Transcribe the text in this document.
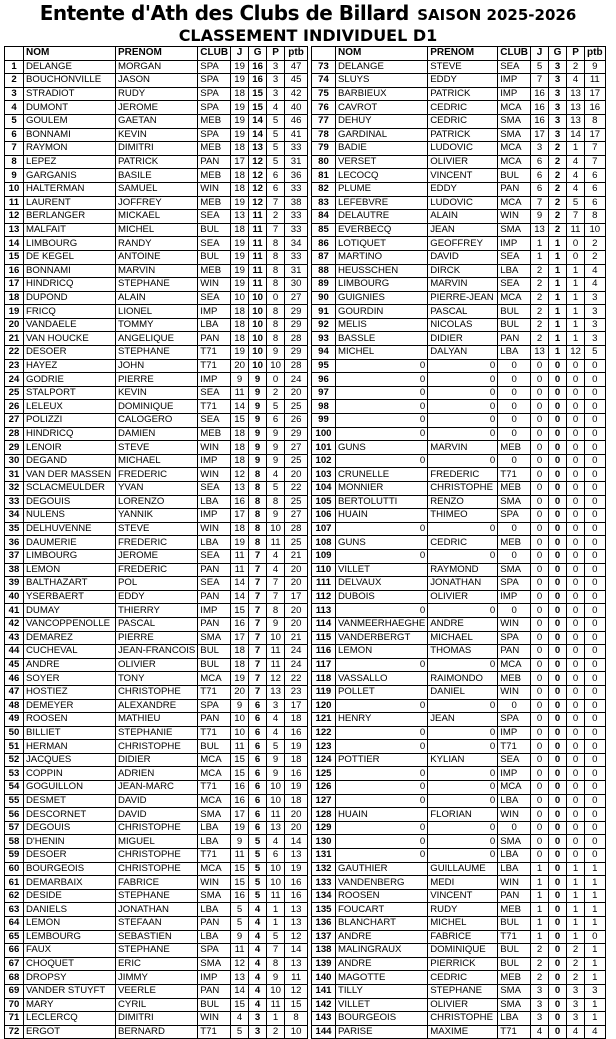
Entente d'Ath des Clubs de Billard SAISON 2025-2026
CLASSEMENT INDIVIDUEL D1
	NOM	PRENOM	CLUB	J	G	P	ptb
1	DELANGE	MORGAN	SPA	19	16	3	47
2	BOUCHONVILLE	JASON	SPA	19	16	3	45
3	STRADIOT	RUDY	SPA	18	15	3	42
4	DUMONT	JEROME	SPA	19	15	4	40
5	GOULEM	GAETAN	MEB	19	14	5	46
6	BONNAMI	KEVIN	SPA	19	14	5	41
7	RAYMON	DIMITRI	MEB	18	13	5	33
8	LEPEZ	PATRICK	PAN	17	12	5	31
9	GARGANIS	BASILE	MEB	18	12	6	36
10	HALTERMAN	SAMUEL	WIN	18	12	6	33
11	LAURENT	JOFFREY	MEB	19	12	7	38
12	BERLANGER	MICKAEL	SEA	13	11	2	33
13	MALFAIT	MICHEL	BUL	18	11	7	33
14	LIMBOURG	RANDY	SEA	19	11	8	34
15	DE KEGEL	ANTOINE	BUL	19	11	8	33
16	BONNAMI	MARVIN	MEB	19	11	8	31
17	HINDRICQ	STEPHANE	WIN	19	11	8	30
18	DUPOND	ALAIN	SEA	10	10	0	27
19	FRICQ	LIONEL	IMP	18	10	8	29
20	VANDAELE	TOMMY	LBA	18	10	8	29
21	VAN HOUCKE	ANGELIQUE	PAN	18	10	8	28
22	DESOER	STEPHANE	T71	19	10	9	29
23	HAYEZ	JOHN	T71	20	10	10	28
24	GODRIE	PIERRE	IMP	9	9	0	24
25	STALPORT	KEVIN	SEA	11	9	2	20
26	LELEUX	DOMINIQUE	T71	14	9	5	25
27	POLIZZI	CALOGERO	SEA	15	9	6	26
28	HINDRICQ	DAMIEN	MEB	18	9	9	29
29	LENOIR	STEVE	WIN	18	9	9	27
30	DEGAND	MICHAEL	IMP	18	9	9	25
31	VAN DER MASSEN	FREDERIC	WIN	12	8	4	20
32	SCLACMEULDER	YVAN	SEA	13	8	5	22
33	DEGOUIS	LORENZO	LBA	16	8	8	25
34	NULENS	YANNIK	IMP	17	8	9	27
35	DELHUVENNE	STEVE	WIN	18	8	10	28
36	DAUMERIE	FREDERIC	LBA	19	8	11	25
37	LIMBOURG	JEROME	SEA	11	7	4	21
38	LEMON	FREDERIC	PAN	11	7	4	20
39	BALTHAZART	POL	SEA	14	7	7	20
40	YSERBAERT	EDDY	PAN	14	7	7	17
41	DUMAY	THIERRY	IMP	15	7	8	20
42	VANCOPPENOLLE	PASCAL	PAN	16	7	9	20
43	DEMAREZ	PIERRE	SMA	17	7	10	21
44	CUCHEVAL	JEAN-FRANCOIS	BUL	18	7	11	24
45	ANDRE	OLIVIER	BUL	18	7	11	24
46	SOYER	TONY	MCA	19	7	12	22
47	HOSTIEZ	CHRISTOPHE	T71	20	7	13	23
48	DEMEYER	ALEXANDRE	SPA	9	6	3	17
49	ROOSEN	MATHIEU	PAN	10	6	4	18
50	BILLIET	STEPHANIE	T71	10	6	4	16
51	HERMAN	CHRISTOPHE	BUL	11	6	5	19
52	JACQUES	DIDIER	MCA	15	6	9	18
53	COPPIN	ADRIEN	MCA	15	6	9	16
54	GOGUILLON	JEAN-MARC	T71	16	6	10	19
55	DESMET	DAVID	MCA	16	6	10	18
56	DESCORNET	DAVID	SMA	17	6	11	20
57	DEGOUIS	CHRISTOPHE	LBA	19	6	13	20
58	D'HENIN	MIGUEL	LBA	9	5	4	14
59	DESOER	CHRISTOPHE	T71	11	5	6	13
60	BOURGEOIS	CHRISTOPHE	MCA	15	5	10	19
61	DEMARBAIX	FABRICE	WIN	15	5	10	16
62	DESIDE	STEPHANE	SMA	16	5	11	16
63	DANIELS	JONATHAN	LBA	5	4	1	13
64	LEMON	STEFAAN	PAN	5	4	1	13
65	LEMBOURG	SEBASTIEN	LBA	9	4	5	12
66	FAUX	STEPHANE	SPA	11	4	7	14
67	CHOQUET	ERIC	SMA	12	4	8	13
68	DROPSY	JIMMY	IMP	13	4	9	11
69	VANDER STUYFT	VEERLE	PAN	14	4	10	12
70	MARY	CYRIL	BUL	15	4	11	15
71	LECLERCQ	DIMITRI	WIN	4	3	1	8
72	ERGOT	BERNARD	T71	5	3	2	10
	NOM	PRENOM	CLUB	J	G	P	ptb
73	DELANGE	STEVE	SEA	5	3	2	9
74	SLUYS	EDDY	IMP	7	3	4	11
75	BARBIEUX	PATRICK	IMP	16	3	13	17
76	CAVROT	CEDRIC	MCA	16	3	13	16
77	DEHUY	CEDRIC	SMA	16	3	13	8
78	GARDINAL	PATRICK	SMA	17	3	14	17
79	BADIE	LUDOVIC	MCA	3	2	1	7
80	VERSET	OLIVIER	MCA	6	2	4	7
81	LECOCQ	VINCENT	BUL	6	2	4	6
82	PLUME	EDDY	PAN	6	2	4	6
83	LEFEBVRE	LUDOVIC	MCA	7	2	5	6
84	DELAUTRE	ALAIN	WIN	9	2	7	8
85	EVERBECQ	JEAN	SMA	13	2	11	10
86	LOTIQUET	GEOFFREY	IMP	1	1	0	2
87	MARTINO	DAVID	SEA	1	1	0	2
88	HEUSSCHEN	DIRCK	LBA	2	1	1	4
89	LIMBOURG	MARVIN	SEA	2	1	1	4
90	GUIGNIES	PIERRE-JEAN	MCA	2	1	1	3
91	GOURDIN	PASCAL	BUL	2	1	1	3
92	MELIS	NICOLAS	BUL	2	1	1	3
93	BASSLE	DIDIER	PAN	2	1	1	3
94	MICHEL	DALYAN	LBA	13	1	12	5
95	0	0	0	0	0	0	0
96	0	0	0	0	0	0	0
97	0	0	0	0	0	0	0
98	0	0	0	0	0	0	0
99	0	0	0	0	0	0	0
100	0	0	0	0	0	0	0
101	GUNS	MARVIN	MEB	0	0	0	0
102	0	0	0	0	0	0	0
103	CRUNELLE	FREDERIC	T71	0	0	0	0
104	MONNIER	CHRISTOPHE	MEB	0	0	0	0
105	BERTOLUTTI	RENZO	SMA	0	0	0	0
106	HUAIN	THIMEO	SPA	0	0	0	0
107	0	0	0	0	0	0	0
108	GUNS	CEDRIC	MEB	0	0	0	0
109	0	0	0	0	0	0	0
110	VILLET	RAYMOND	SMA	0	0	0	0
111	DELVAUX	JONATHAN	SPA	0	0	0	0
112	DUBOIS	OLIVIER	IMP	0	0	0	0
113	0	0	0	0	0	0	0
114	VANMEERHAEGHE	ANDRE	WIN	0	0	0	0
115	VANDERBERGT	MICHAEL	SPA	0	0	0	0
116	LEMON	THOMAS	PAN	0	0	0	0
117	0	0	MCA	0	0	0	0
118	VASSALLO	RAIMONDO	MEB	0	0	0	0
119	POLLET	DANIEL	WIN	0	0	0	0
120	0	0	0	0	0	0	0
121	HENRY	JEAN	SPA	0	0	0	0
122	0	0	IMP	0	0	0	0
123	0	0	T71	0	0	0	0
124	POTTIER	KYLIAN	SEA	0	0	0	0
125	0	0	IMP	0	0	0	0
126	0	0	MCA	0	0	0	0
127	0	0	LBA	0	0	0	0
128	HUAIN	FLORIAN	WIN	0	0	0	0
129	0	0	0	0	0	0	0
130	0	0	SMA	0	0	0	0
131	0	0	LBA	0	0	0	0
132	GAUTHIER	GUILLAUME	LBA	1	0	1	1
133	VANDENBERG	MEDI	WIN	1	0	1	1
134	ROOSEN	VINCENT	PAN	1	0	1	1
135	FOUCART	RUDY	MEB	1	0	1	1
136	BLANCHART	MICHEL	BUL	1	0	1	1
137	ANDRE	FABRICE	T71	1	0	1	0
138	MALINGRAUX	DOMINIQUE	BUL	2	0	2	1
139	ANDRE	PIERRICK	BUL	2	0	2	1
140	MAGOTTE	CEDRIC	MEB	2	0	2	1
141	TILLY	STEPHANE	SMA	3	0	3	3
142	VILLET	OLIVIER	SMA	3	0	3	1
143	BOURGEOIS	CHRISTOPHE	LBA	3	0	3	1
144	PARISE	MAXIME	T71	4	0	4	4
